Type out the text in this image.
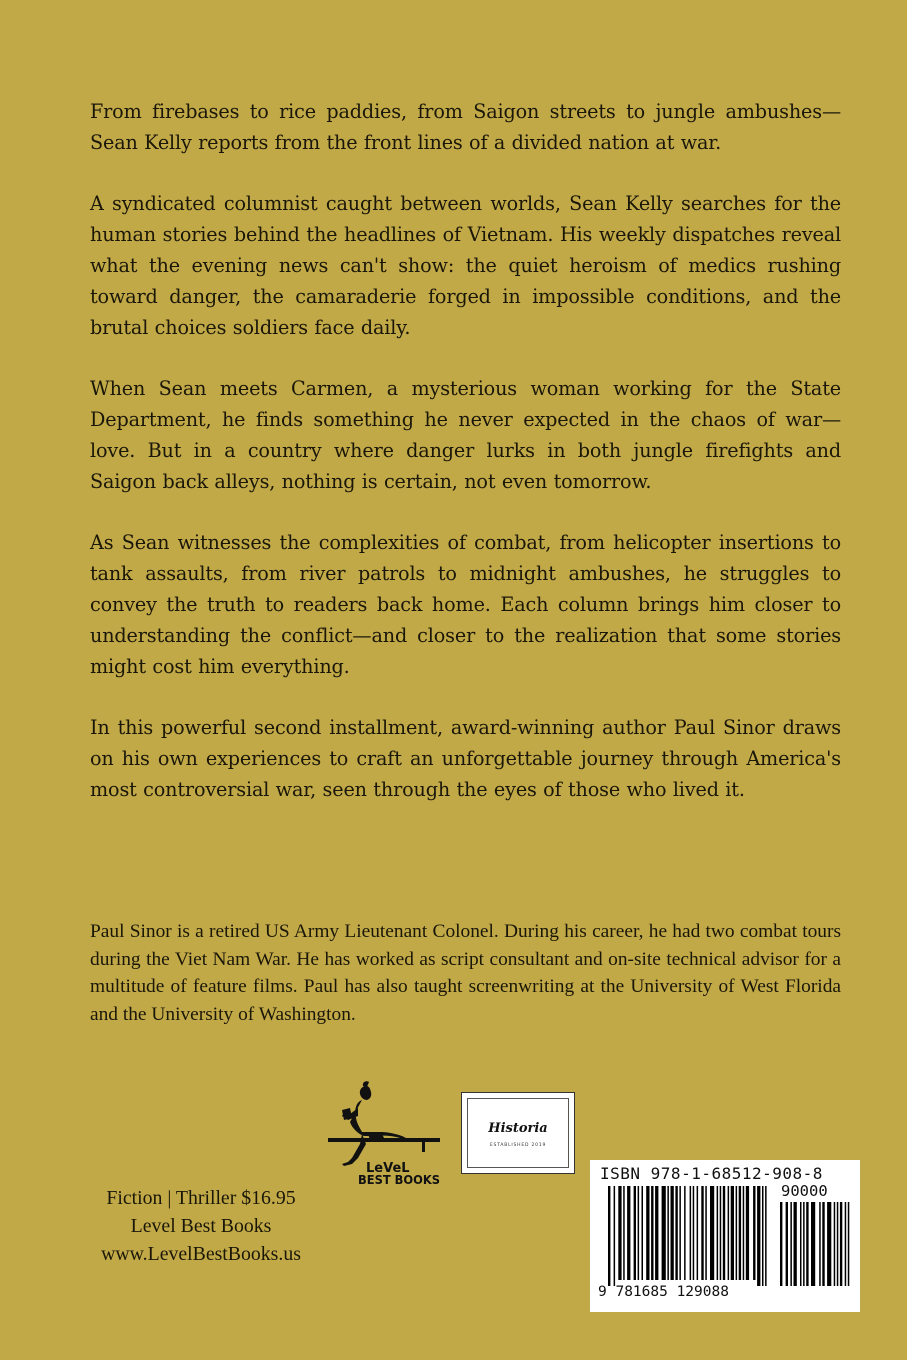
From firebases to rice paddies, from Saigon streets to jungle ambushes—Sean Kelly reports from the front lines of a divided nation at war.

A syndicated columnist caught between worlds, Sean Kelly searches for the human stories behind the headlines of Vietnam. His weekly dispatches reveal what the evening news can't show: the quiet heroism of medics rushing toward danger, the camaraderie forged in impossible conditions, and the brutal choices soldiers face daily.

When Sean meets Carmen, a mysterious woman working for the State Department, he finds something he never expected in the chaos of war—love. But in a country where danger lurks in both jungle firefights and Saigon back alleys, nothing is certain, not even tomorrow.

As Sean witnesses the complexities of combat, from helicopter insertions to tank assaults, from river patrols to midnight ambushes, he struggles to convey the truth to readers back home. Each column brings him closer to understanding the conflict—and closer to the realization that some stories might cost him everything.

In this powerful second installment, award-winning author Paul Sinor draws on his own experiences to craft an unforgettable journey through America's most controversial war, seen through the eyes of those who lived it.

Paul Sinor is a retired US Army Lieutenant Colonel. During his career, he had two combat tours during the Viet Nam War. He has worked as script consultant and on-site technical advisor for a multitude of feature films. Paul has also taught screenwriting at the University of West Florida and the University of Washington.

LeVeL
BEST BOOKS
Historia
ESTABLISHED 2019
Fiction | Thriller $16.95
Level Best Books
www.LevelBestBooks.us
ISBN 978-1-68512-908-8
90000
9 781685 129088
